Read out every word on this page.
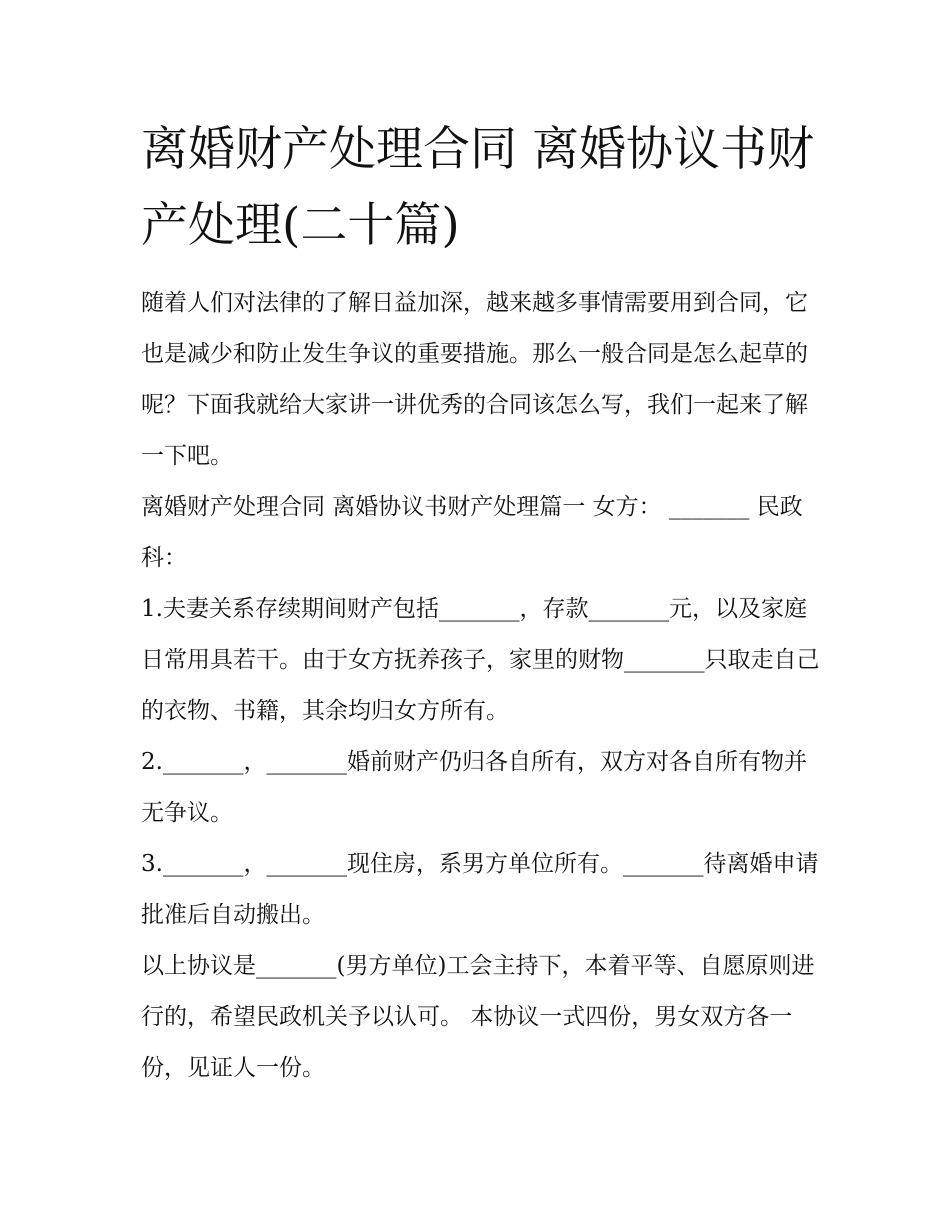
离婚财产处理合同 离婚协议书财产处理(二十篇)

随着人们对法律的了解日益加深，越来越多事情需要用到合同，它也是减少和防止发生争议的重要措施。那么一般合同是怎么起草的呢？下面我就给大家讲一讲优秀的合同该怎么写，我们一起来了解一下吧。

离婚财产处理合同 离婚协议书财产处理篇一 女方： _______ 民政科：

1.夫妻关系存续期间财产包括_______，存款_______元，以及家庭日常用具若干。由于女方抚养孩子，家里的财物_______只取走自己的衣物、书籍，其余均归女方所有。

2._______，_______婚前财产仍归各自所有，双方对各自所有物并无争议。

3._______，_______现住房，系男方单位所有。_______待离婚申请批准后自动搬出。

以上协议是_______(男方单位)工会主持下，本着平等、自愿原则进行的，希望民政机关予以认可。 本协议一式四份，男女双方各一份，见证人一份。
